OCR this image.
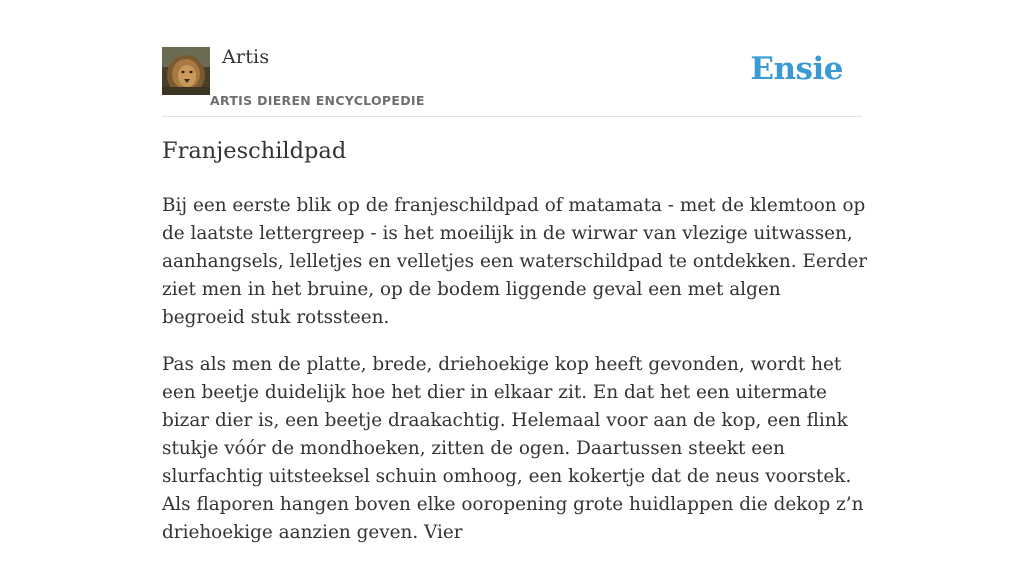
Artis
ARTIS DIEREN ENCYCLOPEDIE
Ensie
Franjeschildpad

Bij een eerste blik op de franjeschildpad of matamata - met de klemtoon op de laatste lettergreep - is het moeilijk in de wirwar van vlezige uitwassen, aanhangsels, lelletjes en velletjes een waterschildpad te ontdekken. Eerder ziet men in het bruine, op de bodem liggende geval een met algen begroeid stuk rotssteen.

Pas als men de platte, brede, driehoekige kop heeft gevonden, wordt het een beetje duidelijk hoe het dier in elkaar zit. En dat het een uitermate bizar dier is, een beetje draakachtig. Helemaal voor aan de kop, een flink stukje vóór de mondhoeken, zitten de ogen. Daartussen steekt een slurfachtig uitsteeksel schuin omhoog, een kokertje dat de neus voorstek. Als flaporen hangen boven elke ooropening grote huidlappen die dekop z’n driehoekige aanzien geven. Vier
